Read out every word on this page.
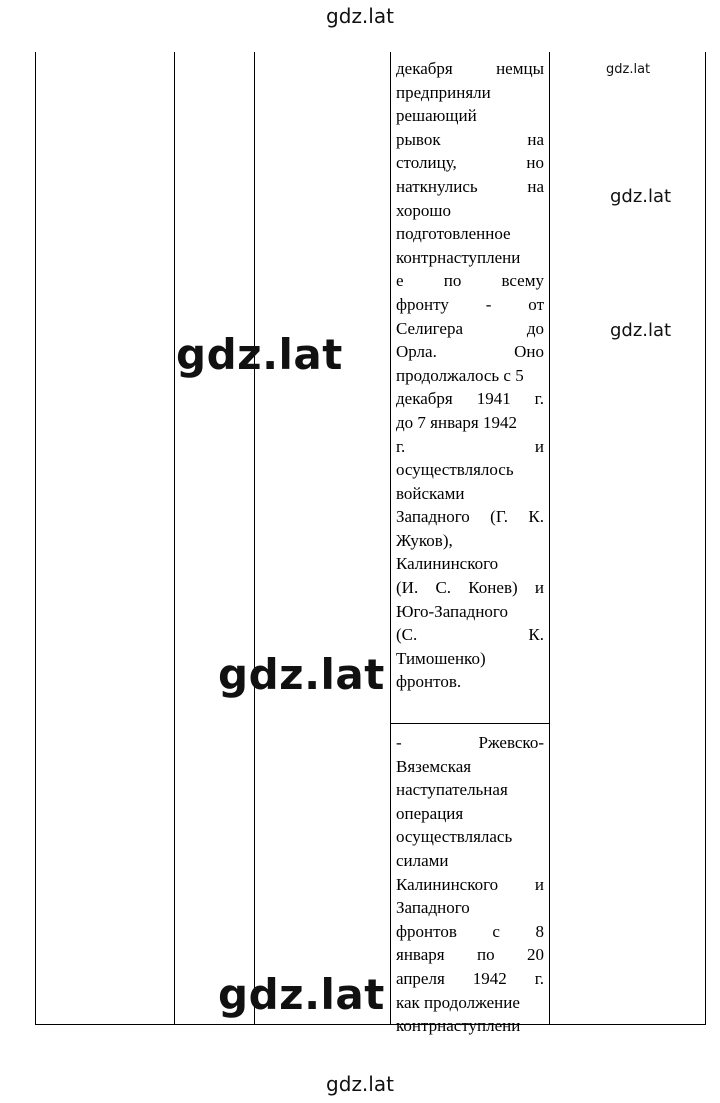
gdz.lat
декабря немцы
предприняли
решающий
рывок на
столицу, но
наткнулись на
хорошо
подготовленное
контрнаступлени
е по всему
фронту - от
Селигера до
Орла. Оно
продолжалось с 5
декабря 1941 г.
до 7 января 1942
г. и
осуществлялось
войсками
Западного (Г. К.
Жуков),
Калининского
(И. С. Конев) и
Юго-Западного
(С. К.
Тимошенко)
фронтов.
- Ржевско-
Вяземская
наступательная
операция
осуществлялась
силами
Калининского и
Западного
фронтов с 8
января по 20
апреля 1942 г.
как продолжение
контрнаступлени
gdz.lat
gdz.lat
gdz.lat
gdz.lat
gdz.lat
gdz.lat
gdz.lat
